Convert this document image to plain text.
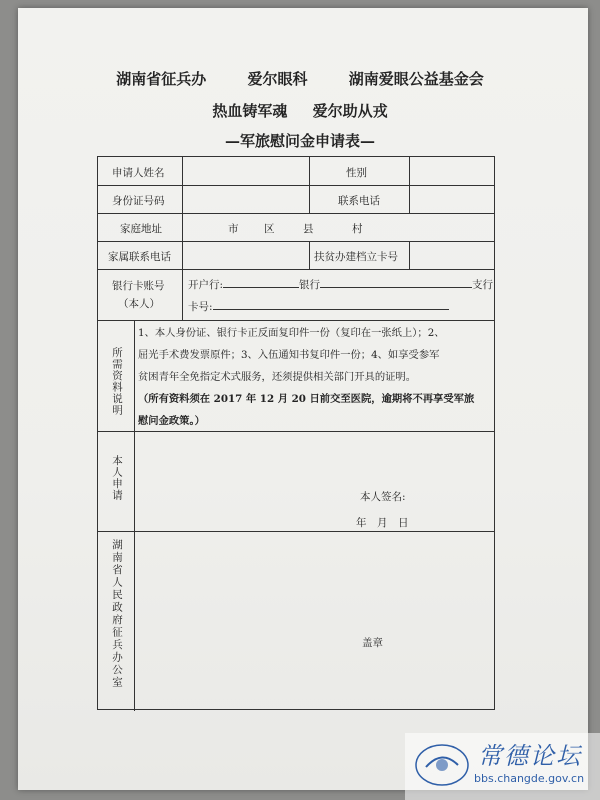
湖南省征兵办	爱尔眼科	湖南爱眼公益基金会
热血铸军魂 爱尔助从戎
—军旅慰问金申请表—
申请人姓名	性别
身份证号码	联系电话
家庭地址	市 区	县	村
家属联系电话	扶贫办建档立卡号
银行卡账号
（本人）
开户行:	银行	支行
卡号:
所需资料说明
1、本人身份证、银行卡正反面复印件一份（复印在一张纸上）；2、
屈光手术费发票原件；3、入伍通知书复印件一份；4、如享受参军
贫困青年全免指定术式服务，还须提供相关部门开具的证明。
（所有资料须在 2017 年 12 月 20 日前交至医院，逾期将不再享受军旅
慰问金政策。）
本人申请	本人签名:
年　月　日
湖南省人民政府征兵办公室	盖章
常德论坛
bbs.changde.gov.cn
